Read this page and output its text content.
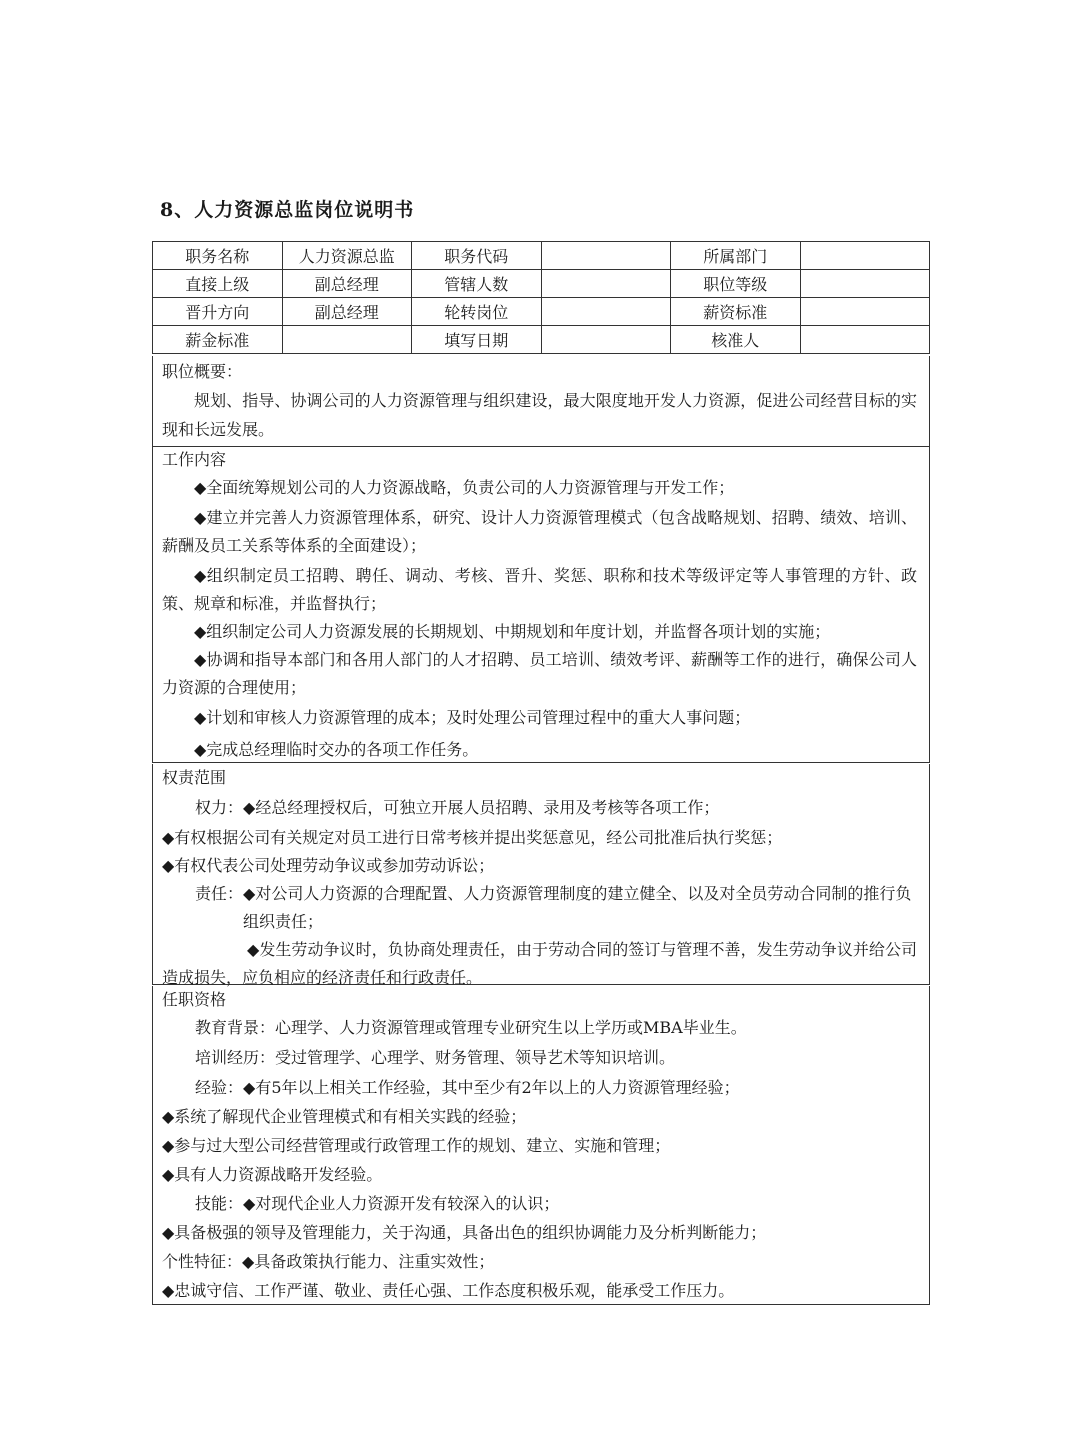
8、人力资源总监岗位说明书
职务名称	人力资源总监	职务代码		所属部门	
直接上级	副总经理	管辖人数		职位等级	
晋升方向	副总经理	轮转岗位		薪资标准	
薪金标准		填写日期		核准人	
职位概要：

规划、指导、协调公司的人力资源管理与组织建设，最大限度地开发人力资源，促进公司经营目标的实现和长远发展。

工作内容

◆全面统筹规划公司的人力资源战略，负责公司的人力资源管理与开发工作；

◆建立并完善人力资源管理体系，研究、设计人力资源管理模式（包含战略规划、招聘、绩效、培训、薪酬及员工关系等体系的全面建设）；

◆组织制定员工招聘、聘任、调动、考核、晋升、奖惩、职称和技术等级评定等人事管理的方针、政策、规章和标准，并监督执行；

◆组织制定公司人力资源发展的长期规划、中期规划和年度计划，并监督各项计划的实施；

◆协调和指导本部门和各用人部门的人才招聘、员工培训、绩效考评、薪酬等工作的进行，确保公司人力资源的合理使用；

◆计划和审核人力资源管理的成本；及时处理公司管理过程中的重大人事问题；

◆完成总经理临时交办的各项工作任务。

权责范围
权力： ◆经总经理授权后，可独立开展人员招聘、录用及考核等各项工作；

◆有权根据公司有关规定对员工进行日常考核并提出奖惩意见，经公司批准后执行奖惩；

◆有权代表公司处理劳动争议或参加劳动诉讼；

责任： ◆对公司人力资源的合理配置、人力资源管理制度的建立健全、以及对全员劳动合同制的推行负组织责任；

◆发生劳动争议时，负协商处理责任，由于劳动合同的签订与管理不善，发生劳动争议并给公司造成损失，应负相应的经济责任和行政责任。

任职资格
教育背景： 心理学、人力资源管理或管理专业研究生以上学历或MBA毕业生。
培训经历： 受过管理学、心理学、财务管理、领导艺术等知识培训。
经验： ◆有5年以上相关工作经验，其中至少有2年以上的人力资源管理经验；

◆系统了解现代企业管理模式和有相关实践的经验；

◆参与过大型公司经营管理或行政管理工作的规划、建立、实施和管理；

◆具有人力资源战略开发经验。

技能： ◆对现代企业人力资源开发有较深入的认识；

◆具备极强的领导及管理能力，关于沟通，具备出色的组织协调能力及分析判断能力；

个性特征： ◆具备政策执行能力、注重实效性；

◆忠诚守信、工作严谨、敬业、责任心强、工作态度积极乐观，能承受工作压力。
